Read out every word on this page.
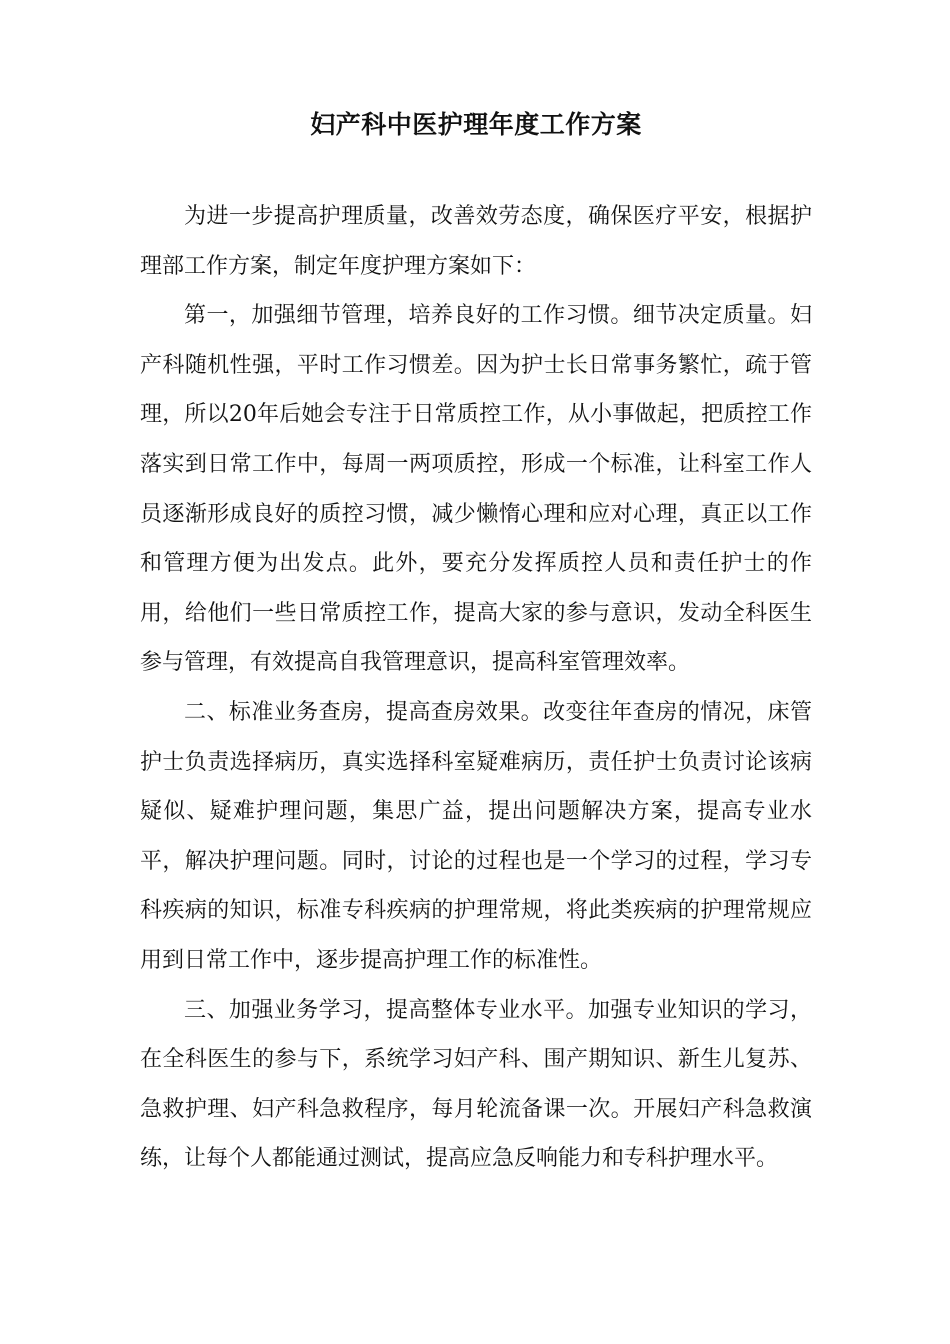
妇产科中医护理年度工作方案

为进一步提高护理质量，改善效劳态度，确保医疗平安，根据护理部工作方案，制定年度护理方案如下：

第一，加强细节管理，培养良好的工作习惯。细节决定质量。妇产科随机性强，平时工作习惯差。因为护士长日常事务繁忙，疏于管理，所以20年后她会专注于日常质控工作，从小事做起，把质控工作落实到日常工作中，每周一两项质控，形成一个标准，让科室工作人员逐渐形成良好的质控习惯，减少懒惰心理和应对心理，真正以工作和管理方便为出发点。此外，要充分发挥质控人员和责任护士的作用，给他们一些日常质控工作，提高大家的参与意识，发动全科医生参与管理，有效提高自我管理意识，提高科室管理效率。

二、标准业务查房，提高查房效果。改变往年查房的情况，床管护士负责选择病历，真实选择科室疑难病历，责任护士负责讨论该病疑似、疑难护理问题，集思广益，提出问题解决方案，提高专业水平，解决护理问题。同时，讨论的过程也是一个学习的过程，学习专科疾病的知识，标准专科疾病的护理常规，将此类疾病的护理常规应用到日常工作中，逐步提高护理工作的标准性。

三、加强业务学习，提高整体专业水平。加强专业知识的学习，在全科医生的参与下，系统学习妇产科、围产期知识、新生儿复苏、急救护理、妇产科急救程序，每月轮流备课一次。开展妇产科急救演练，让每个人都能通过测试，提高应急反响能力和专科护理水平。
